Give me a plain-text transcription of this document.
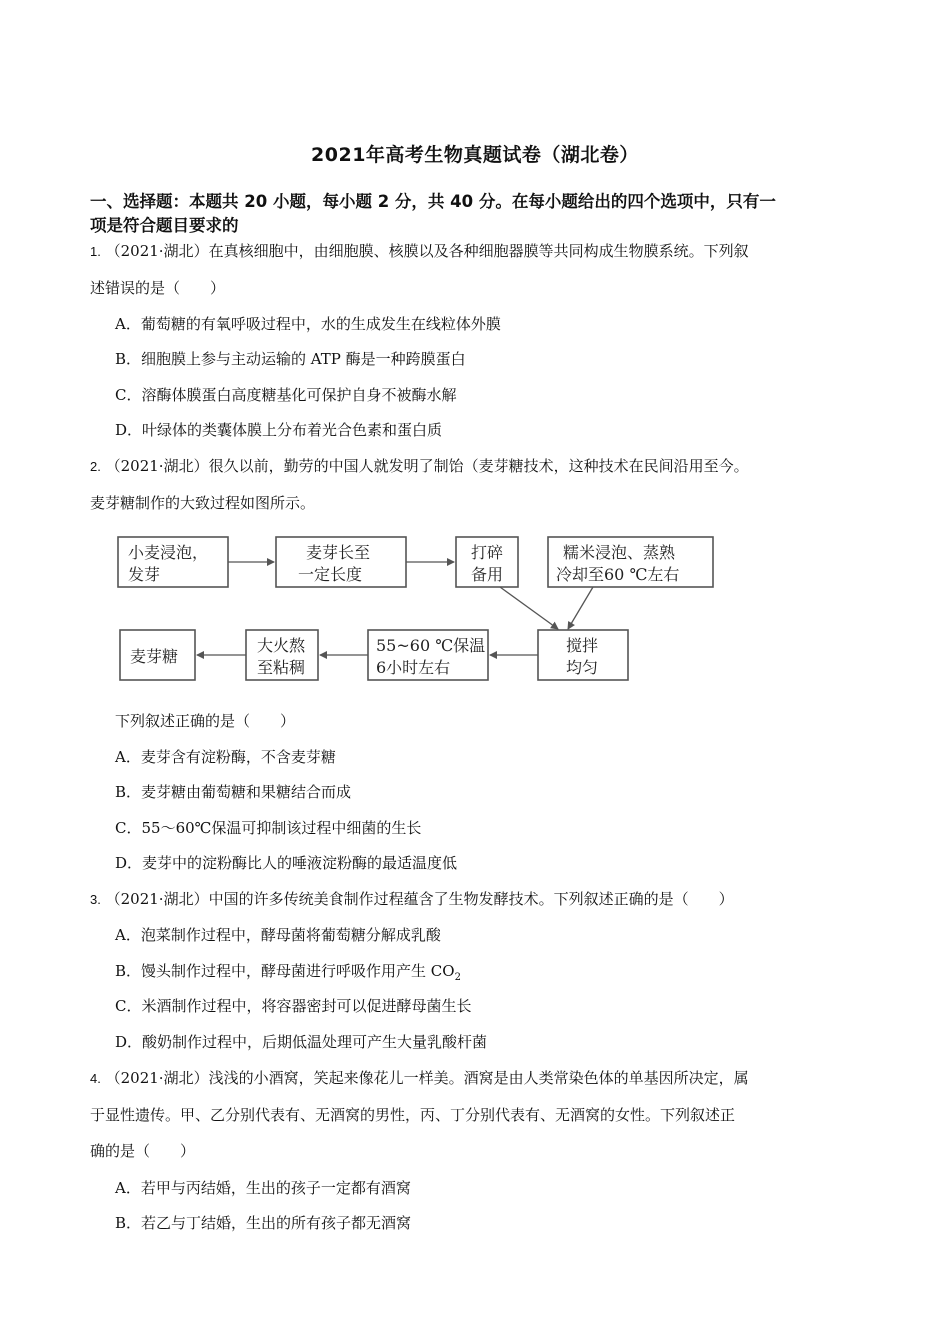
2021年高考生物真题试卷（湖北卷）
一、选择题：本题共 20 小题，每小题 2 分，共 40 分。在每小题给出的四个选项中，只有一
项是符合题目要求的
1. （2021·湖北）在真核细胞中，由细胞膜、核膜以及各种细胞器膜等共同构成生物膜系统。下列叙
述错误的是（　　）
A．葡萄糖的有氧呼吸过程中，水的生成发生在线粒体外膜
B．细胞膜上参与主动运输的 ATP 酶是一种跨膜蛋白
C．溶酶体膜蛋白高度糖基化可保护自身不被酶水解
D．叶绿体的类囊体膜上分布着光合色素和蛋白质
2. （2021·湖北）很久以前，勤劳的中国人就发明了制饴（麦芽糖技术，这种技术在民间沿用至今。
麦芽糖制作的大致过程如图所示。
小麦浸泡，
发芽
麦芽长至
一定长度
打碎
备用
糯米浸泡、蒸熟
冷却至60 ℃左右
麦芽糖
大火熬
至粘稠
55~60 ℃保温
6小时左右
搅拌
均匀
下列叙述正确的是（　　）
A．麦芽含有淀粉酶，不含麦芽糖
B．麦芽糖由葡萄糖和果糖结合而成
C．55～60℃保温可抑制该过程中细菌的生长
D．麦芽中的淀粉酶比人的唾液淀粉酶的最适温度低
3. （2021·湖北）中国的许多传统美食制作过程蕴含了生物发酵技术。下列叙述正确的是（　　）
A．泡菜制作过程中，酵母菌将葡萄糖分解成乳酸
B．馒头制作过程中，酵母菌进行呼吸作用产生 $CO_2$
C．米酒制作过程中，将容器密封可以促进酵母菌生长
D．酸奶制作过程中，后期低温处理可产生大量乳酸杆菌
4. （2021·湖北）浅浅的小酒窝，笑起来像花儿一样美。酒窝是由人类常染色体的单基因所决定，属
于显性遗传。甲、乙分别代表有、无酒窝的男性，丙、丁分别代表有、无酒窝的女性。下列叙述正
确的是（　　）
A．若甲与丙结婚，生出的孩子一定都有酒窝
B．若乙与丁结婚，生出的所有孩子都无酒窝
